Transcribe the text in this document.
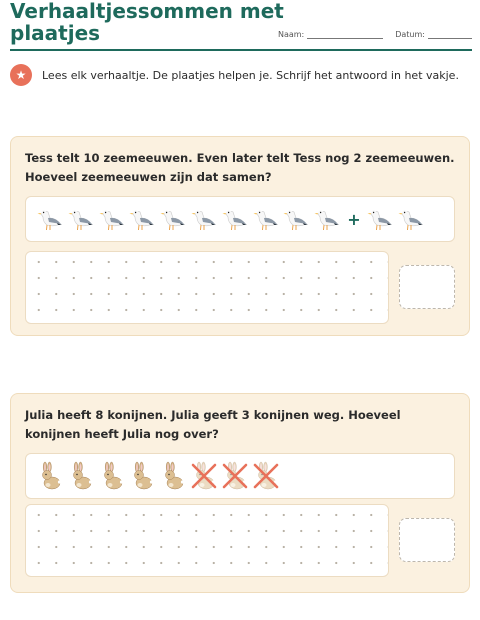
Verhaaltjessommen met
plaatjes	Naam:	Datum:
★	Lees elk verhaaltje. De plaatjes helpen je. Schrijf het antwoord in het vakje.
Tess telt 10 zeemeeuwen. Even later telt Tess nog 2 zeemeeuwen. Hoeveel zeemeeuwen zijn dat samen?
+
Julia heeft 8 konijnen. Julia geeft 3 konijnen weg. Hoeveel konijnen heeft Julia nog over?
